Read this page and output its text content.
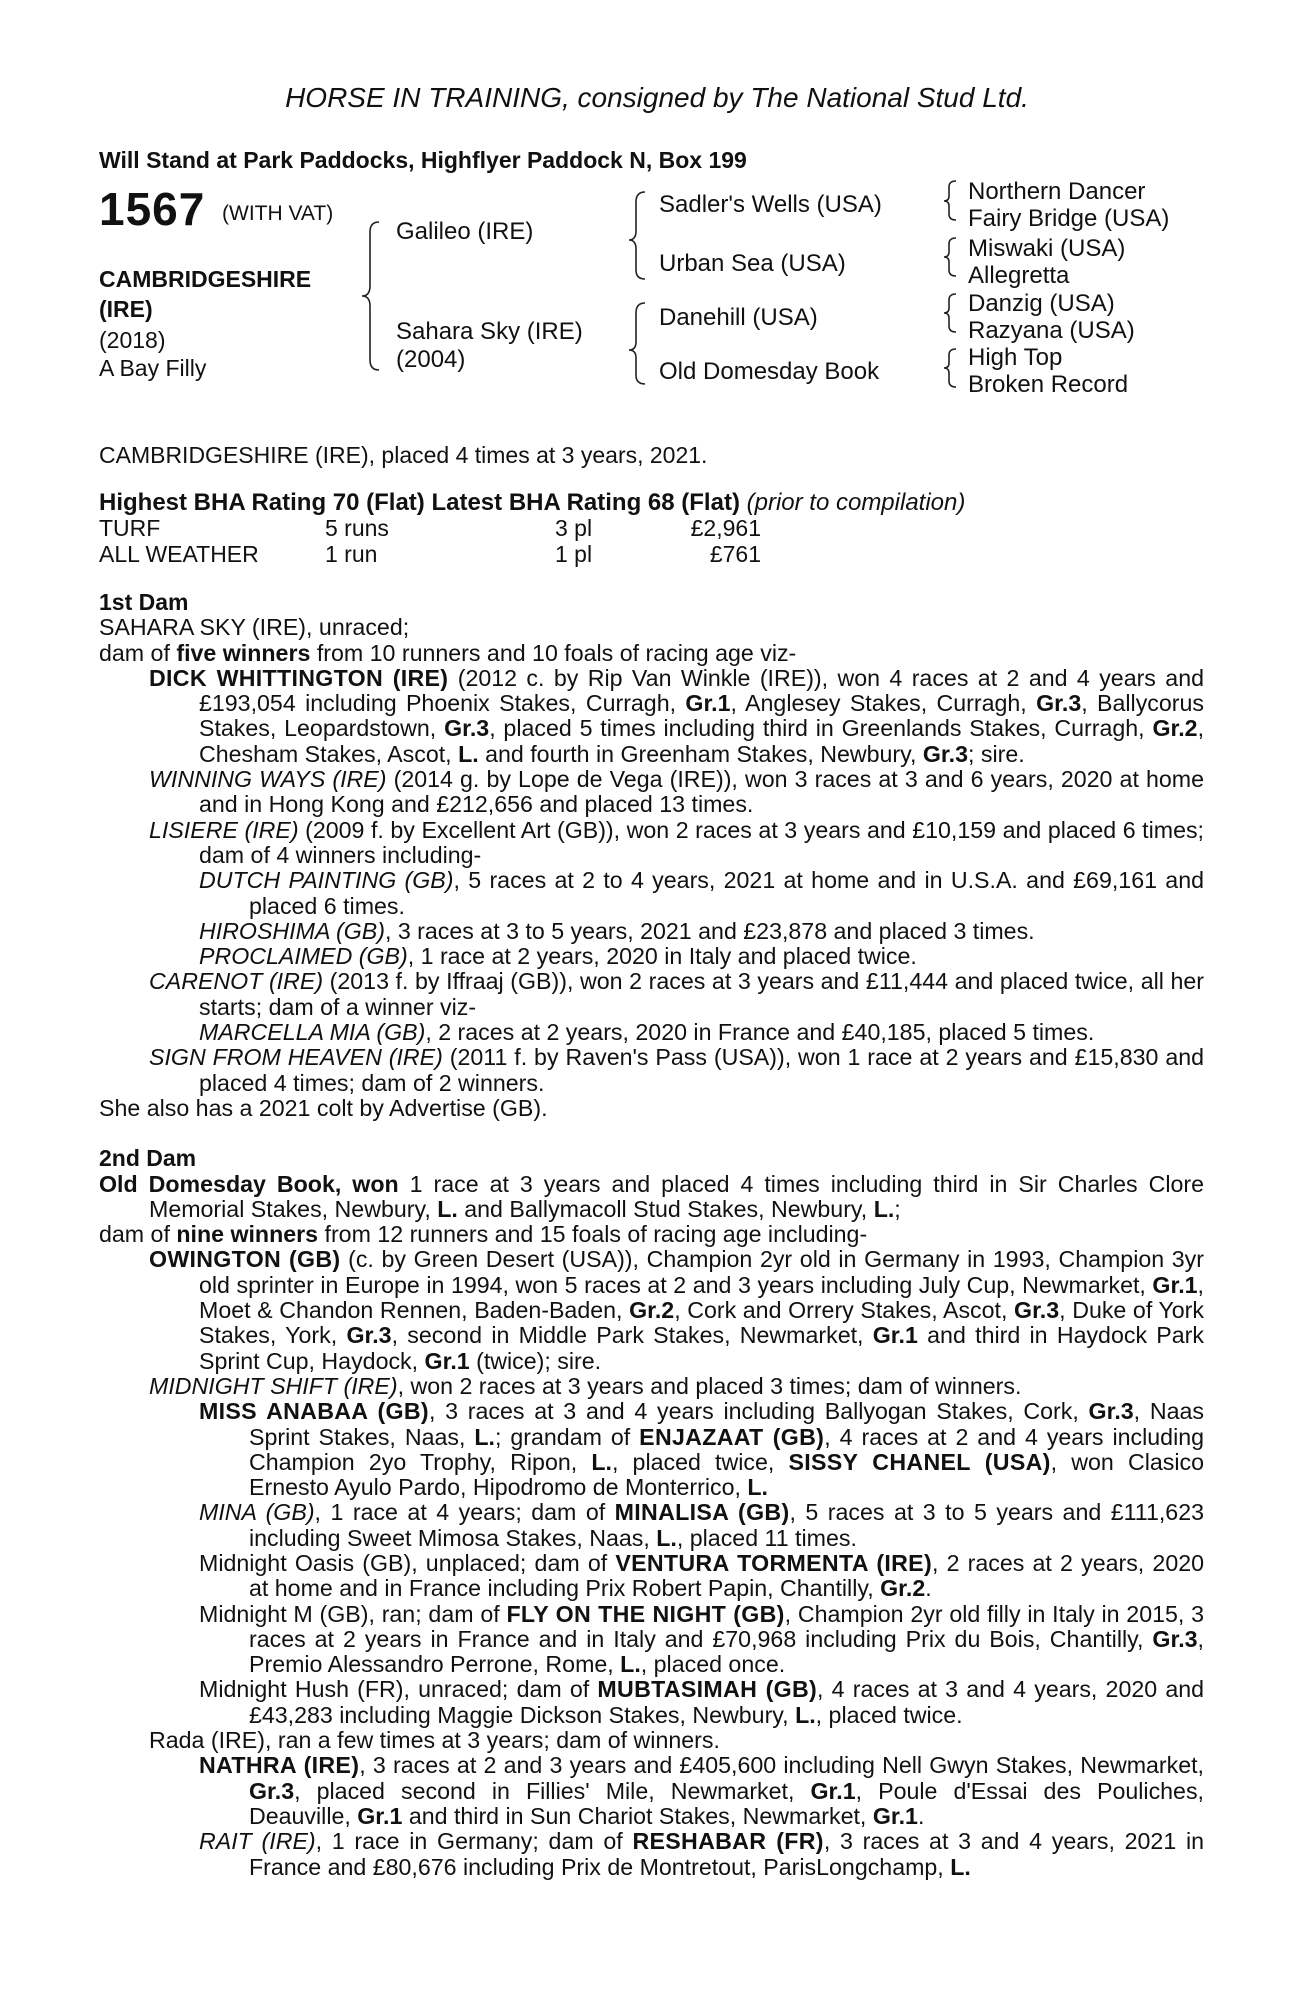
HORSE IN TRAINING, consigned by The National Stud Ltd.
Will Stand at Park Paddocks, Highflyer Paddock N, Box 199
1567 (WITH VAT)
CAMBRIDGESHIRE
(IRE)
(2018)
A Bay Filly
Galileo (IRE)
Sahara Sky (IRE)
(2004)
Sadler's Wells (USA)
Urban Sea (USA)
Danehill (USA)
Old Domesday Book
Northern Dancer
Fairy Bridge (USA)
Miswaki (USA)
Allegretta
Danzig (USA)
Razyana (USA)
High Top
Broken Record
CAMBRIDGESHIRE (IRE), placed 4 times at 3 years, 2021.
Highest BHA Rating 70 (Flat) Latest BHA Rating 68 (Flat) (prior to compilation)
TURF	5 runs	3 pl	£2,961
ALL WEATHER	1 run	1 pl	£761

1st Dam

SAHARA SKY (IRE), unraced;

dam of five winners from 10 runners and 10 foals of racing age viz-

DICK WHITTINGTON (IRE) (2012 c. by Rip Van Winkle (IRE)), won 4 races at 2 and 4 years and £193,054 including Phoenix Stakes, Curragh, Gr.1, Anglesey Stakes, Curragh, Gr.3, Ballycorus Stakes, Leopardstown, Gr.3, placed 5 times including third in Greenlands Stakes, Curragh, Gr.2, Chesham Stakes, Ascot, L. and fourth in Greenham Stakes, Newbury, Gr.3; sire.

WINNING WAYS (IRE) (2014 g. by Lope de Vega (IRE)), won 3 races at 3 and 6 years, 2020 at home and in Hong Kong and £212,656 and placed 13 times.

LISIERE (IRE) (2009 f. by Excellent Art (GB)), won 2 races at 3 years and £10,159 and placed 6 times; dam of 4 winners including-

DUTCH PAINTING (GB), 5 races at 2 to 4 years, 2021 at home and in U.S.A. and £69,161 and placed 6 times.

HIROSHIMA (GB), 3 races at 3 to 5 years, 2021 and £23,878 and placed 3 times.

PROCLAIMED (GB), 1 race at 2 years, 2020 in Italy and placed twice.

CARENOT (IRE) (2013 f. by Iffraaj (GB)), won 2 races at 3 years and £11,444 and placed twice, all her starts; dam of a winner viz-

MARCELLA MIA (GB), 2 races at 2 years, 2020 in France and £40,185, placed 5 times.

SIGN FROM HEAVEN (IRE) (2011 f. by Raven's Pass (USA)), won 1 race at 2 years and £15,830 and placed 4 times; dam of 2 winners.

She also has a 2021 colt by Advertise (GB).

2nd Dam

Old Domesday Book, won 1 race at 3 years and placed 4 times including third in Sir Charles Clore Memorial Stakes, Newbury, L. and Ballymacoll Stud Stakes, Newbury, L.;

dam of nine winners from 12 runners and 15 foals of racing age including-

OWINGTON (GB) (c. by Green Desert (USA)), Champion 2yr old in Germany in 1993, Champion 3yr old sprinter in Europe in 1994, won 5 races at 2 and 3 years including July Cup, Newmarket, Gr.1, Moet & Chandon Rennen, Baden-Baden, Gr.2, Cork and Orrery Stakes, Ascot, Gr.3, Duke of York Stakes, York, Gr.3, second in Middle Park Stakes, Newmarket, Gr.1 and third in Haydock Park Sprint Cup, Haydock, Gr.1 (twice); sire.

MIDNIGHT SHIFT (IRE), won 2 races at 3 years and placed 3 times; dam of winners.

MISS ANABAA (GB), 3 races at 3 and 4 years including Ballyogan Stakes, Cork, Gr.3, Naas Sprint Stakes, Naas, L.; grandam of ENJAZAAT (GB), 4 races at 2 and 4 years including Champion 2yo Trophy, Ripon, L., placed twice, SISSY CHANEL (USA), won Clasico Ernesto Ayulo Pardo, Hipodromo de Monterrico, L.

MINA (GB), 1 race at 4 years; dam of MINALISA (GB), 5 races at 3 to 5 years and £111,623 including Sweet Mimosa Stakes, Naas, L., placed 11 times.

Midnight Oasis (GB), unplaced; dam of VENTURA TORMENTA (IRE), 2 races at 2 years, 2020 at home and in France including Prix Robert Papin, Chantilly, Gr.2.

Midnight M (GB), ran; dam of FLY ON THE NIGHT (GB), Champion 2yr old filly in Italy in 2015, 3 races at 2 years in France and in Italy and £70,968 including Prix du Bois, Chantilly, Gr.3, Premio Alessandro Perrone, Rome, L., placed once.

Midnight Hush (FR), unraced; dam of MUBTASIMAH (GB), 4 races at 3 and 4 years, 2020 and £43,283 including Maggie Dickson Stakes, Newbury, L., placed twice.

Rada (IRE), ran a few times at 3 years; dam of winners.

NATHRA (IRE), 3 races at 2 and 3 years and £405,600 including Nell Gwyn Stakes, Newmarket, Gr.3, placed second in Fillies' Mile, Newmarket, Gr.1, Poule d'Essai des Pouliches, Deauville, Gr.1 and third in Sun Chariot Stakes, Newmarket, Gr.1.

RAIT (IRE), 1 race in Germany; dam of RESHABAR (FR), 3 races at 3 and 4 years, 2021 in France and £80,676 including Prix de Montretout, ParisLongchamp, L.
